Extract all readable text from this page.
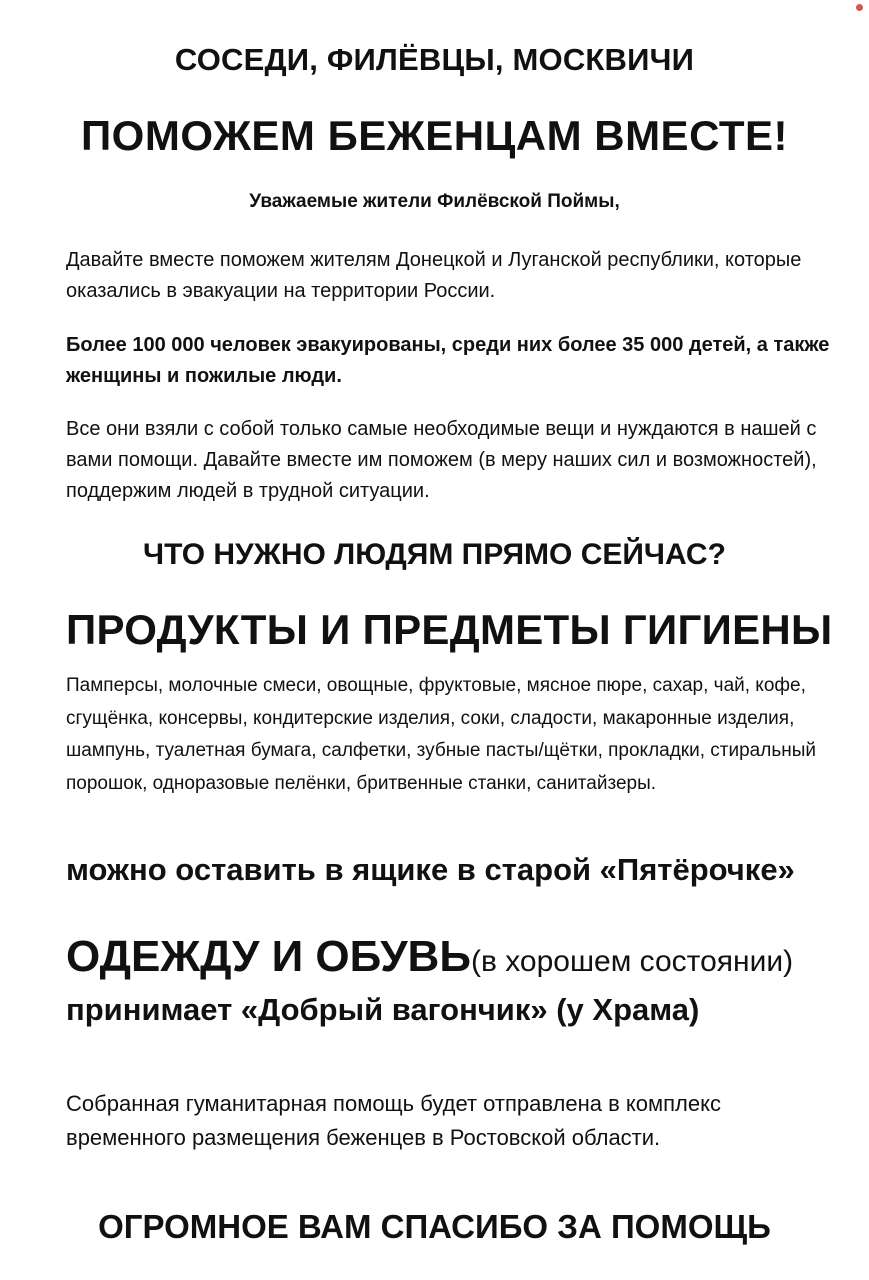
СОСЕДИ, ФИЛЁВЦЫ, МОСКВИЧИ
ПОМОЖЕМ БЕЖЕНЦАМ ВМЕСТЕ!

Уважаемые жители Филёвской Поймы,

Давайте вместе поможем жителям Донецкой и Луганской республики, которые оказались в эвакуации на территории России.

Более 100 000 человек эвакуированы, среди них более 35 000 детей, а также женщины и пожилые люди.

Все они взяли с собой только самые необходимые вещи и нуждаются в нашей с вами помощи. Давайте вместе им поможем (в меру наших сил и возможностей), поддержим людей в трудной ситуации.

ЧТО НУЖНО ЛЮДЯМ ПРЯМО СЕЙЧАС?
ПРОДУКТЫ И ПРЕДМЕТЫ ГИГИЕНЫ

Памперсы, молочные смеси, овощные, фруктовые, мясное пюре, сахар, чай, кофе, сгущёнка, консервы, кондитерские изделия, соки, сладости, макаронные изделия, шампунь, туалетная бумага, салфетки, зубные пасты/щётки, прокладки, стиральный порошок, одноразовые пелёнки, бритвенные станки, санитайзеры.

можно оставить в ящике в старой «Пятёрочке»
ОДЕЖДУ И ОБУВЬ(в хорошем состоянии)
принимает «Добрый вагончик» (у Храма)

Собранная гуманитарная помощь будет отправлена в комплекс временного размещения беженцев в Ростовской области.

ОГРОМНОЕ ВАМ СПАСИБО ЗА ПОМОЩЬ
